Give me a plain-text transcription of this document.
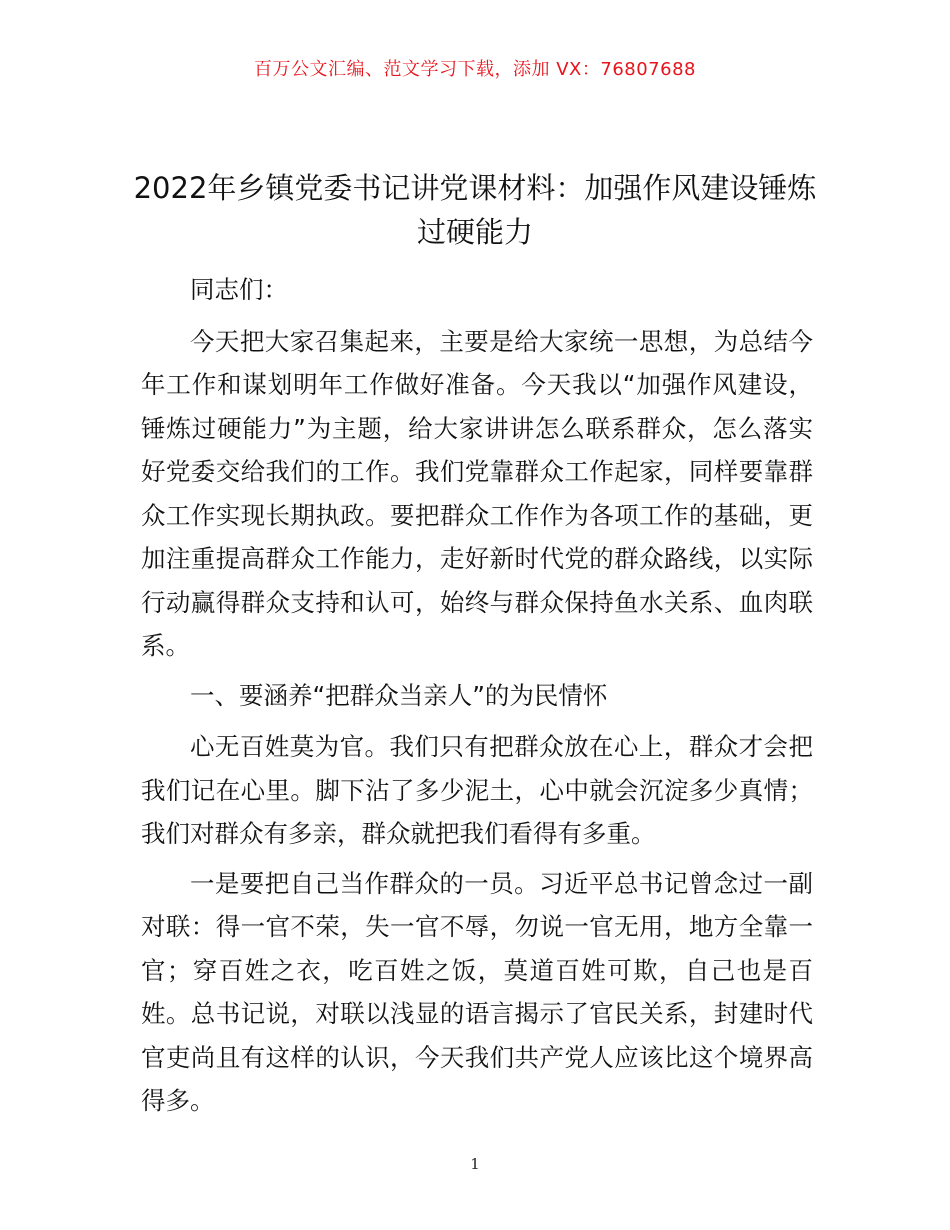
百万公文汇编、范文学习下载，添加 VX：76807688
2022年乡镇党委书记讲党课材料：加强作风建设锤炼过硬能力

同志们：

今天把大家召集起来，主要是给大家统一思想，为总结今年工作和谋划明年工作做好准备。今天我以“加强作风建设，锤炼过硬能力”为主题，给大家讲讲怎么联系群众，怎么落实好党委交给我们的工作。我们党靠群众工作起家，同样要靠群众工作实现长期执政。要把群众工作作为各项工作的基础，更加注重提高群众工作能力，走好新时代党的群众路线，以实际行动赢得群众支持和认可，始终与群众保持鱼水关系、血肉联系。

一、要涵养“把群众当亲人”的为民情怀

心无百姓莫为官。我们只有把群众放在心上，群众才会把我们记在心里。脚下沾了多少泥土，心中就会沉淀多少真情；我们对群众有多亲，群众就把我们看得有多重。

一是要把自己当作群众的一员。习近平总书记曾念过一副对联：得一官不荣，失一官不辱，勿说一官无用，地方全靠一官；穿百姓之衣，吃百姓之饭，莫道百姓可欺，自己也是百姓。总书记说，对联以浅显的语言揭示了官民关系，封建时代官吏尚且有这样的认识，今天我们共产党人应该比这个境界高得多。

1
